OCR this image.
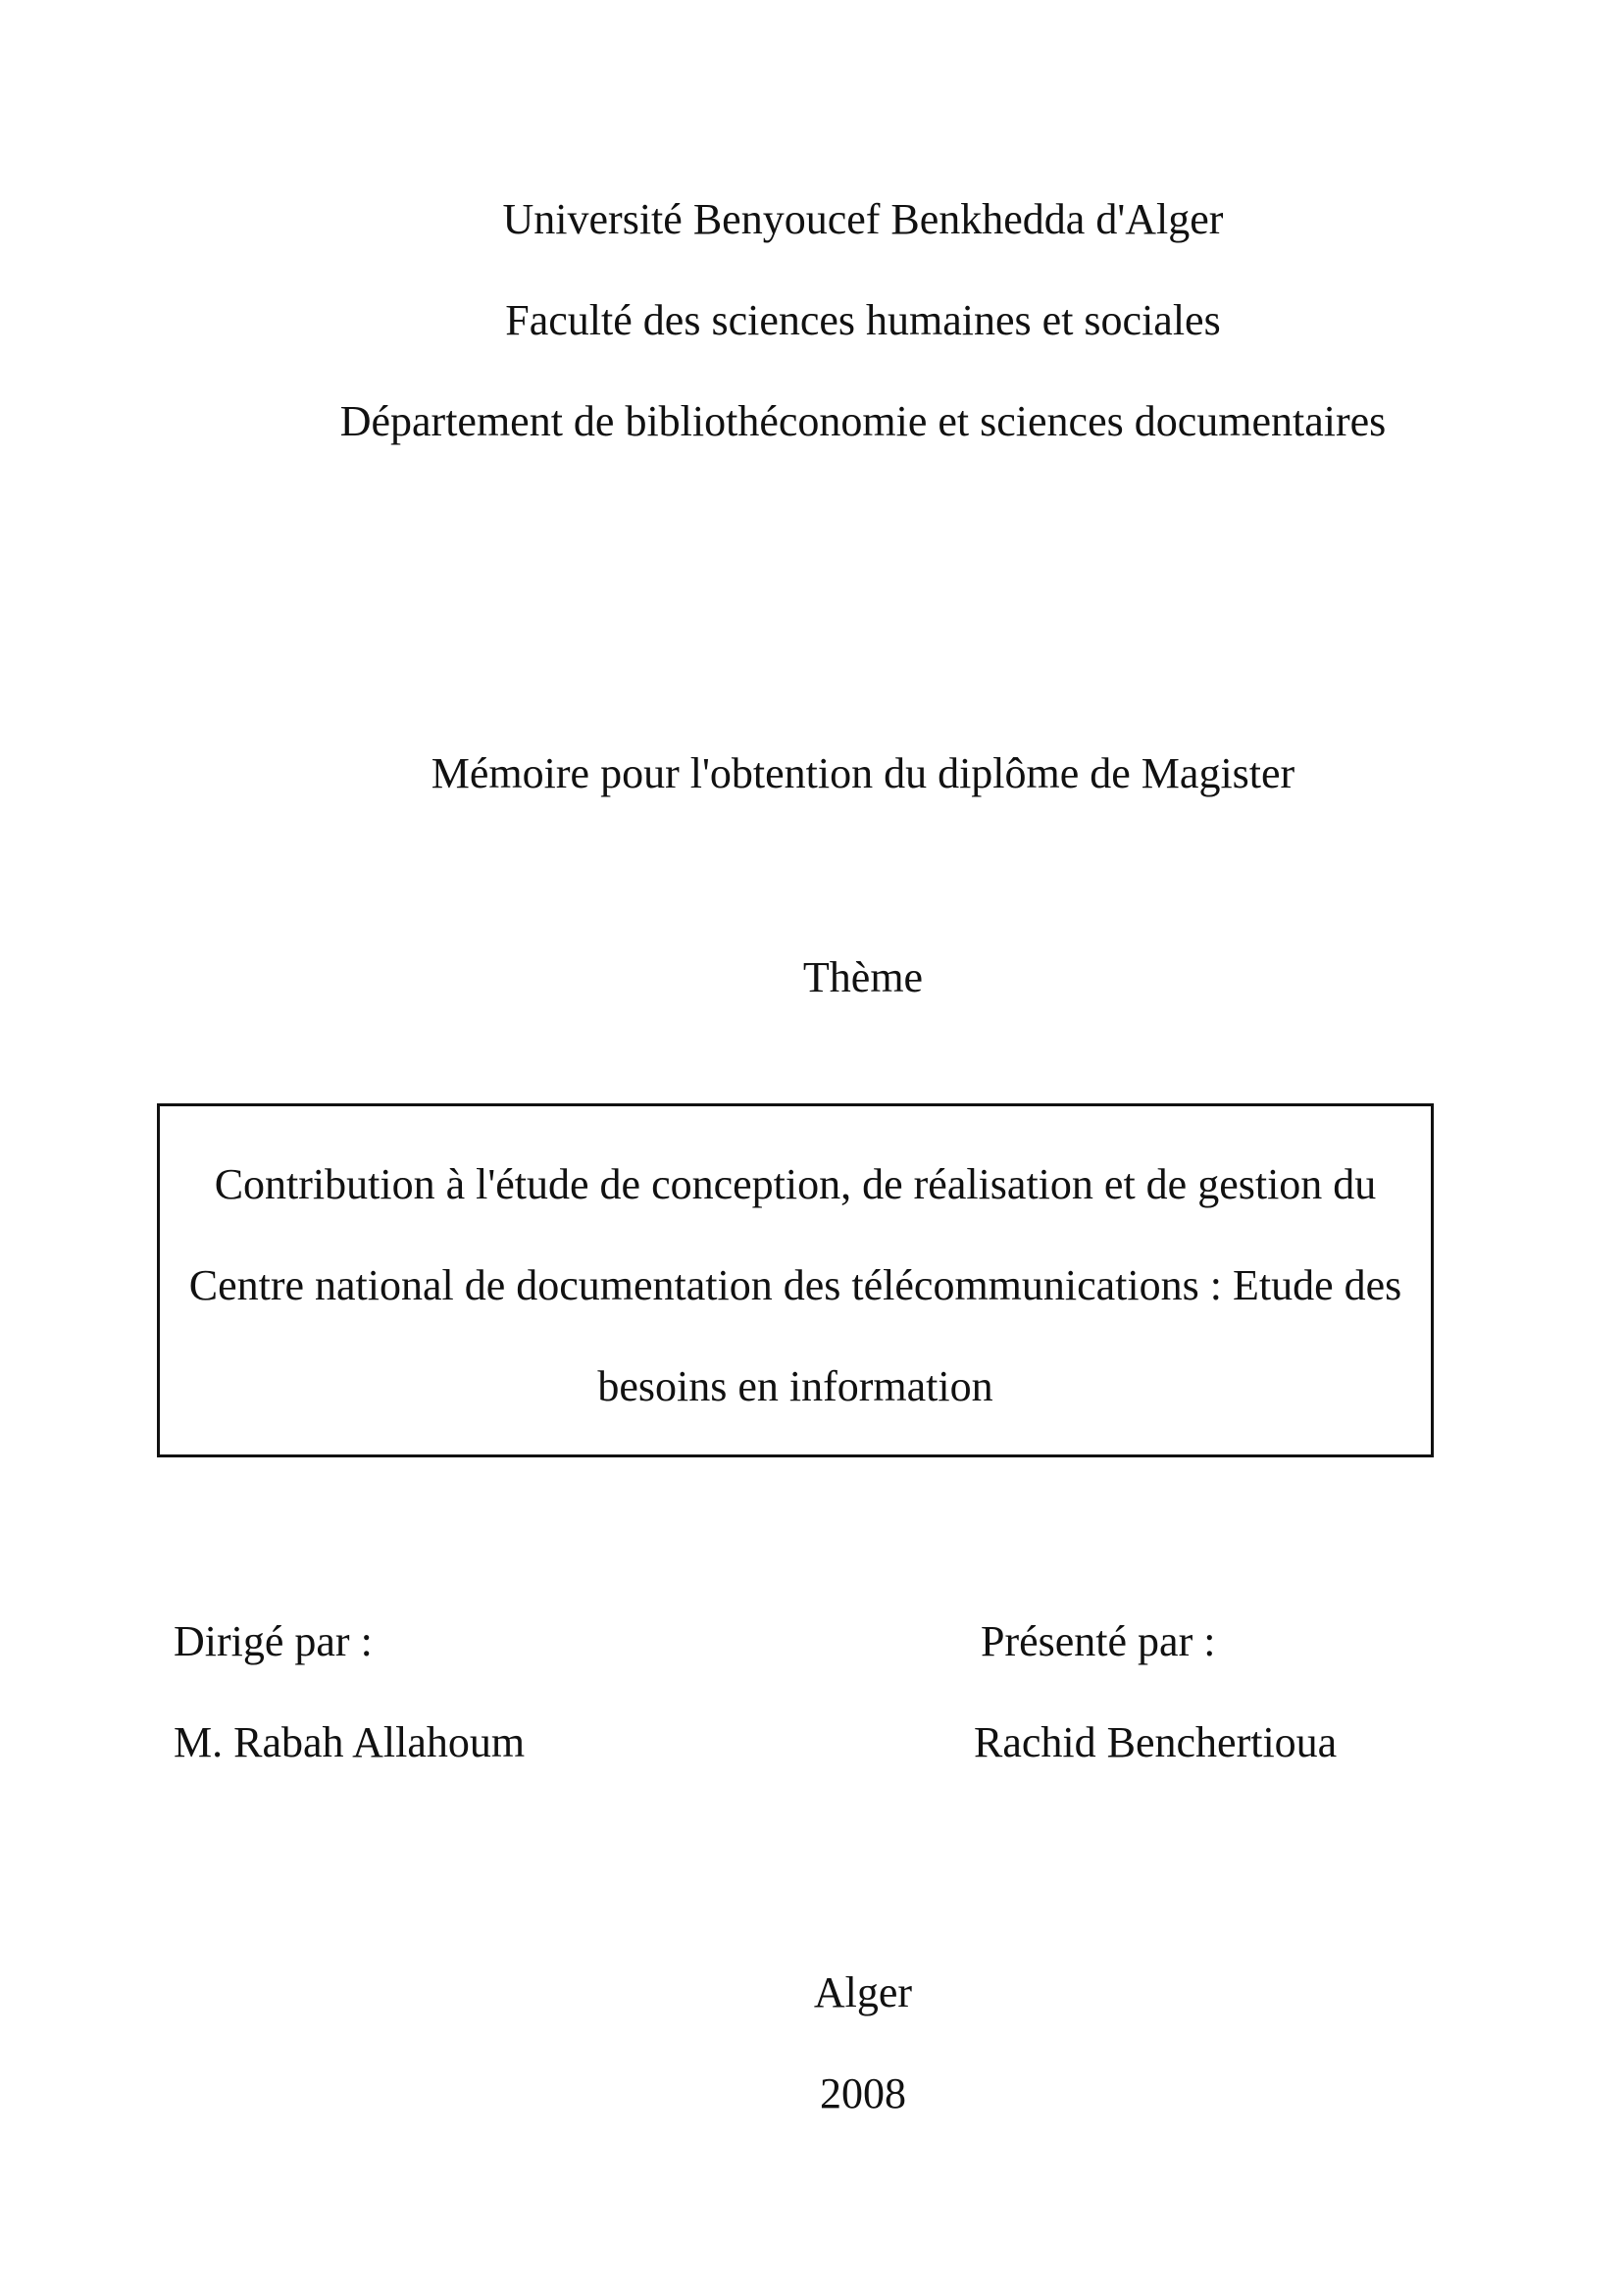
Université Benyoucef Benkhedda d'Alger
Faculté des sciences humaines et sociales
Département de bibliothéconomie et sciences documentaires
Mémoire pour l'obtention du diplôme de Magister
Thème
Contribution à l'étude de conception, de réalisation et de gestion du
Centre national de documentation des télécommunications : Etude des
besoins en information
Dirigé par :
M. Rabah Allahoum
Présenté par :
Rachid Benchertioua
Alger
2008
